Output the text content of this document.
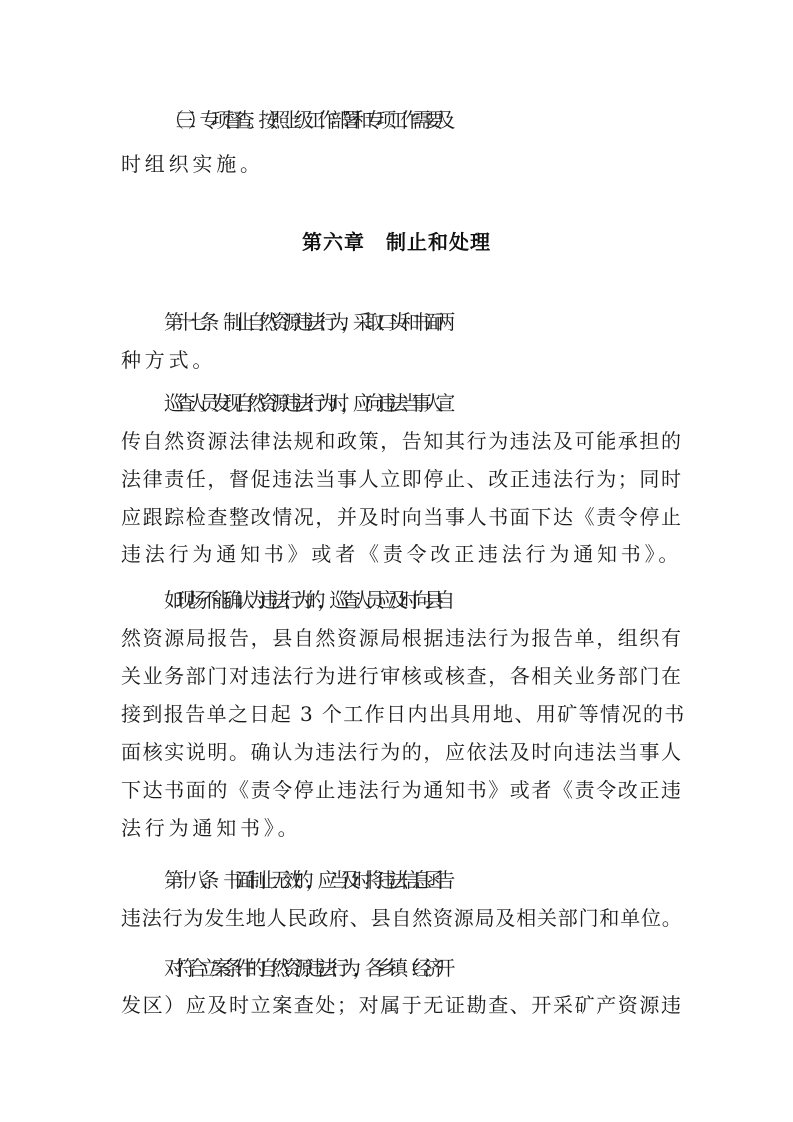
（三）专项督查。按照上级工作部署和专项工作需要及
时组织实施。
第六章　制止和处理
第十七条　制止自然资源违法行为，采取口头和书面两
种方式。
巡查人员发现自然资源违法行为时，应向违法当事人宣
传自然资源法律法规和政策，告知其行为违法及可能承担的
法律责任，督促违法当事人立即停止、改正违法行为；同时
应跟踪检查整改情况，并及时向当事人书面下达《责令停止
违法行为通知书》或者《责令改正违法行为通知书》。
如现场不能确认为违法行为的，巡查人员应及时向县自
然资源局报告，县自然资源局根据违法行为报告单，组织有
关业务部门对违法行为进行审核或核查，各相关业务部门在
接到报告单之日起 3 个工作日内出具用地、用矿等情况的书
面核实说明。确认为违法行为的，应依法及时向违法当事人
下达书面的《责令停止违法行为通知书》或者《责令改正违
法行为通知书》。
第十八条　书面制止无效的，应当及时将违法信息函告
违法行为发生地人民政府、县自然资源局及相关部门和单位。
对符合立案条件的自然资源违法行为，各乡镇（经济开
发区）应及时立案查处；对属于无证勘查、开采矿产资源违
